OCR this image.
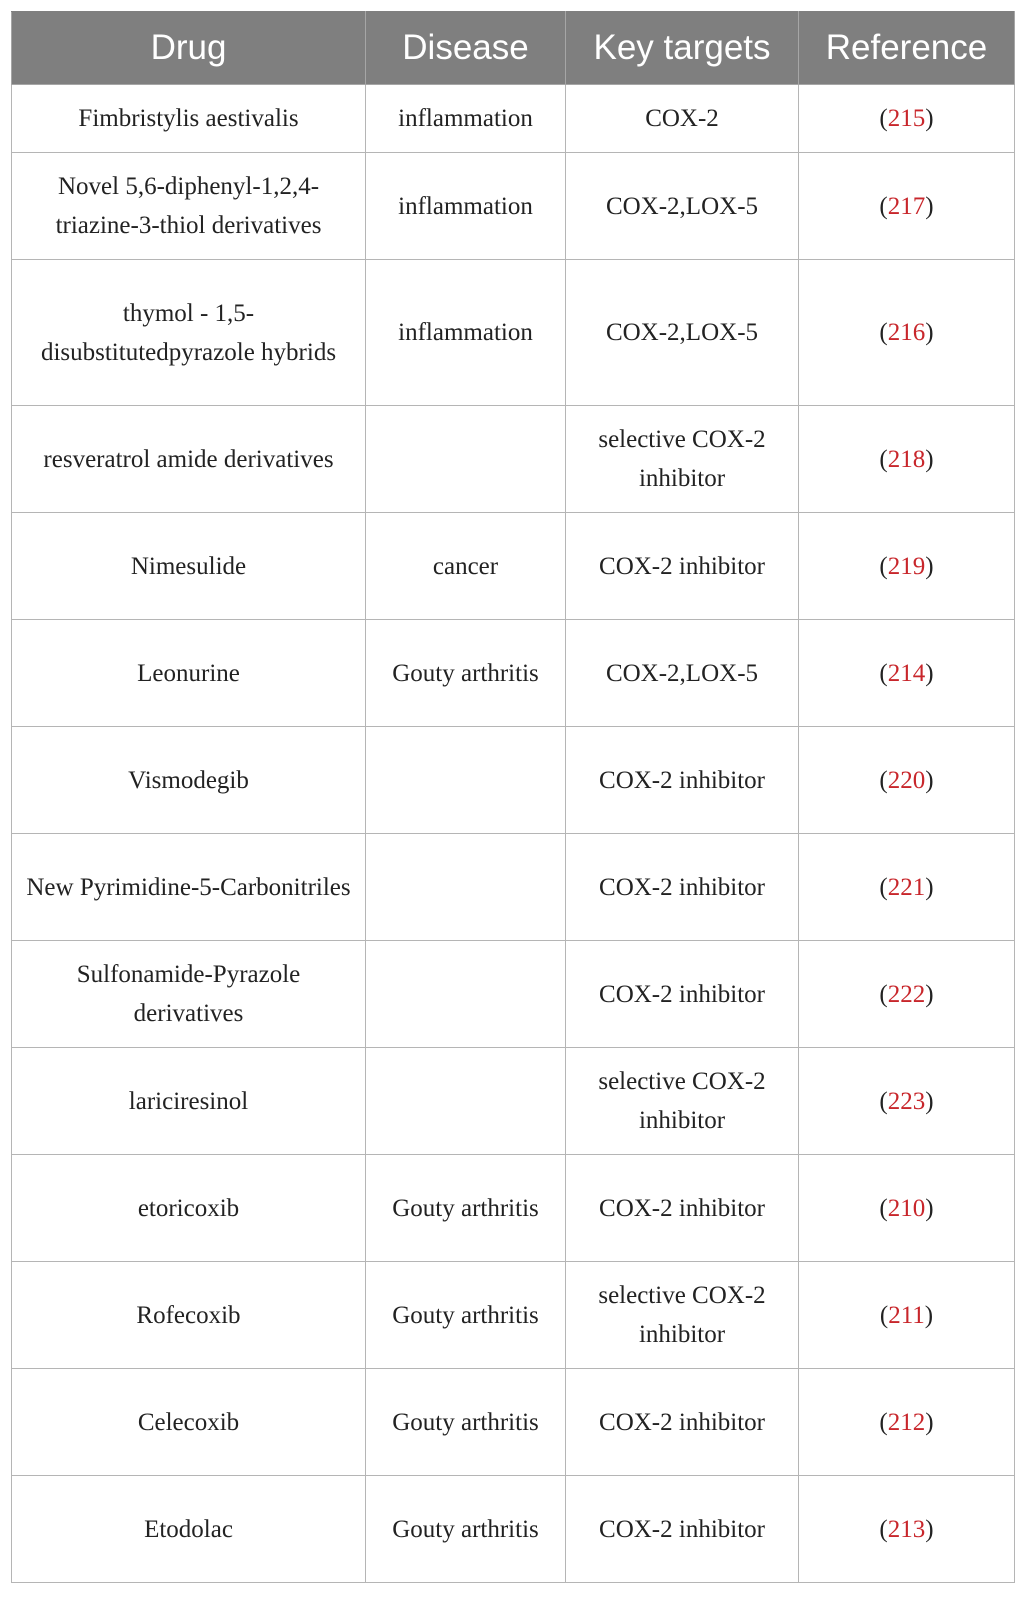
Drug	Disease	Key targets	Reference
Fimbristylis aestivalis	inflammation	COX-2	(215)
Novel 5,6-diphenyl-1,2,4-triazine-3-thiol derivatives	inflammation	COX-2,LOX-5	(217)
thymol - 1,5-disubstitutedpyrazole hybrids	inflammation	COX-2,LOX-5	(216)
resveratrol amide derivatives		selective COX-2 inhibitor	(218)
Nimesulide	cancer	COX-2 inhibitor	(219)
Leonurine	Gouty arthritis	COX-2,LOX-5	(214)
Vismodegib		COX-2 inhibitor	(220)
New Pyrimidine-5-Carbonitriles		COX-2 inhibitor	(221)
Sulfonamide-Pyrazole derivatives		COX-2 inhibitor	(222)
lariciresinol		selective COX-2 inhibitor	(223)
etoricoxib	Gouty arthritis	COX-2 inhibitor	(210)
Rofecoxib	Gouty arthritis	selective COX-2 inhibitor	(211)
Celecoxib	Gouty arthritis	COX-2 inhibitor	(212)
Etodolac	Gouty arthritis	COX-2 inhibitor	(213)
